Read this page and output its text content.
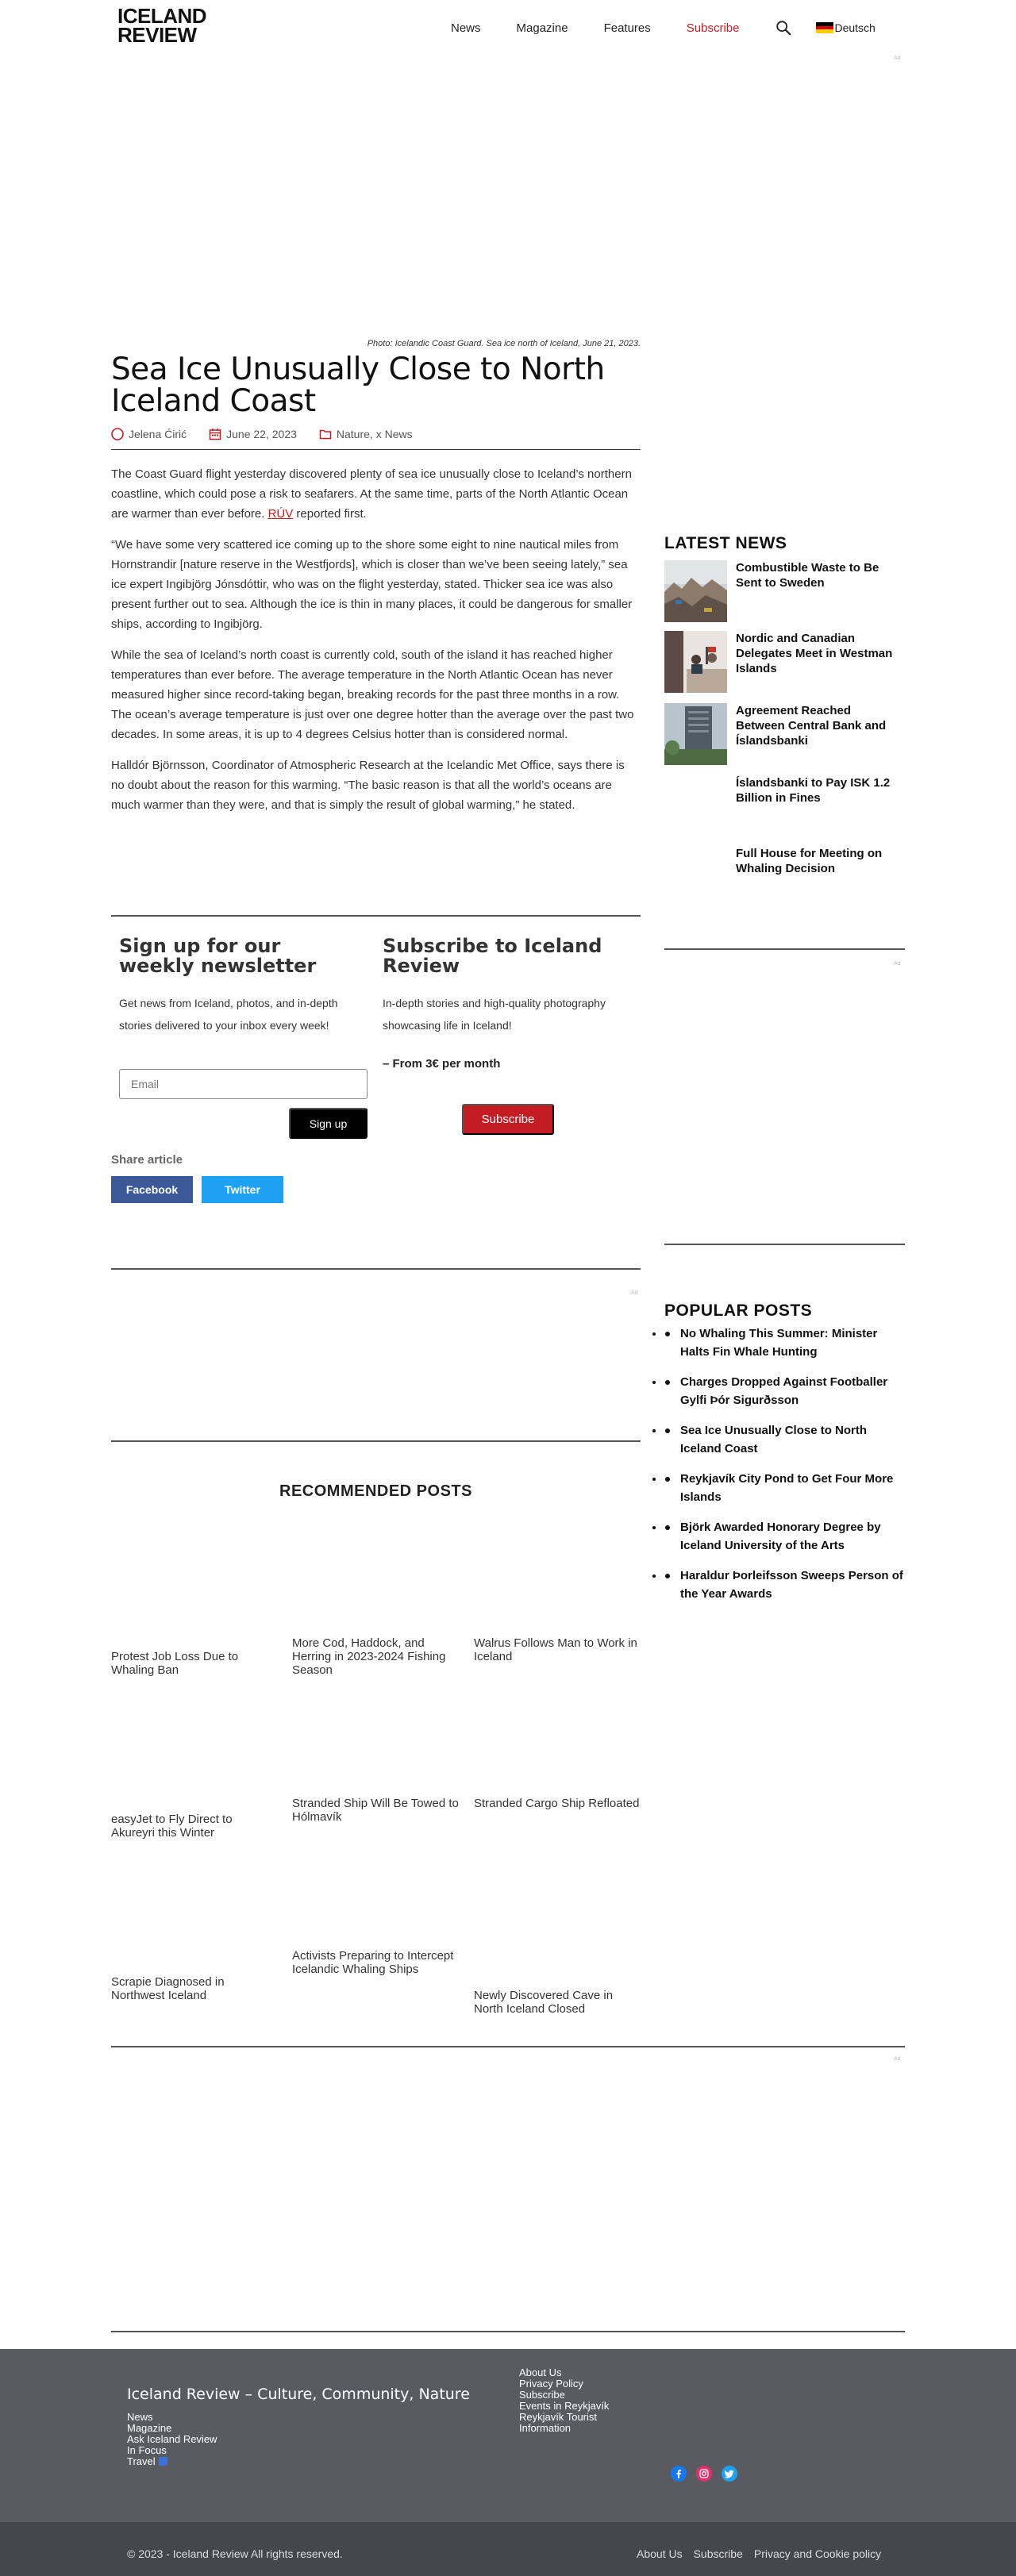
ICELAND
REVIEW	News	Magazine	Features	Subscribe	Deutsch
Ad
Ad
Ad
Ad
Photo: Icelandic Coast Guard. Sea ice north of Iceland, June 21, 2023.
Sea Ice Unusually Close to North Iceland Coast
Jelena Ćirić	June 22, 2023	Nature, x News

The Coast Guard flight yesterday discovered plenty of sea ice unusually close to Iceland’s northern coastline, which could pose a risk to seafarers. At the same time, parts of the North Atlantic Ocean are warmer than ever before. RÚV reported first.

“We have some very scattered ice coming up to the shore some eight to nine nautical miles from Hornstrandir [nature reserve in the Westfjords], which is closer than we’ve been seeing lately,” sea ice expert Ingibjörg Jónsdóttir, who was on the flight yesterday, stated. Thicker sea ice was also present further out to sea. Although the ice is thin in many places, it could be dangerous for smaller ships, according to Ingibjörg.

While the sea of Iceland’s north coast is currently cold, south of the island it has reached higher temperatures than ever before. The average temperature in the North Atlantic Ocean has never measured higher since record-taking began, breaking records for the past three months in a row. The ocean’s average temperature is just over one degree hotter than the average over the past two decades. In some areas, it is up to 4 degrees Celsius hotter than is considered normal.

Halldór Björnsson, Coordinator of Atmospheric Research at the Icelandic Met Office, says there is no doubt about the reason for this warming. “The basic reason is that all the world’s oceans are much warmer than they were, and that is simply the result of global warming,” he stated.

Sign up for our weekly newsletter

Get news from Iceland, photos, and in-depth stories delivered to your inbox every week!

Email
Sign up
Subscribe to Iceland Review

In-depth stories and high-quality photography showcasing life in Iceland!

– From 3€ per month

Subscribe
Share article
Facebook	Twitter
RECOMMENDED POSTS
Protest Job Loss Due to Whaling Ban
More Cod, Haddock, and Herring in 2023-2024 Fishing Season
Walrus Follows Man to Work in Iceland
easyJet to Fly Direct to Akureyri this Winter
Stranded Ship Will Be Towed to Hólmavík
Stranded Cargo Ship Refloated
Scrapie Diagnosed in Northwest Iceland
Activists Preparing to Intercept Icelandic Whaling Ships
Newly Discovered Cave in North Iceland Closed
LATEST NEWS
Combustible Waste to Be Sent to Sweden
Nordic and Canadian Delegates Meet in Westman Islands
Agreement Reached Between Central Bank and Íslandsbanki
Íslandsbanki to Pay ISK 1.2 Billion in Fines
Full House for Meeting on Whaling Decision
POPULAR POSTS
• No Whaling This Summer: Minister Halts Fin Whale Hunting
• Charges Dropped Against Footballer Gylfi Þór Sigurðsson
• Sea Ice Unusually Close to North Iceland Coast
• Reykjavík City Pond to Get Four More Islands
• Björk Awarded Honorary Degree by Iceland University of the Arts
• Haraldur Þorleifsson Sweeps Person of the Year Awards
Iceland Review – Culture, Community, Nature
News
Magazine
Ask Iceland Review
In Focus
Travel
About Us
Privacy Policy
Subscribe
Events in Reykjavík
Reykjavík Tourist Information
© 2023 - Iceland Review All rights reserved.	About Us Subscribe Privacy and Cookie policy
